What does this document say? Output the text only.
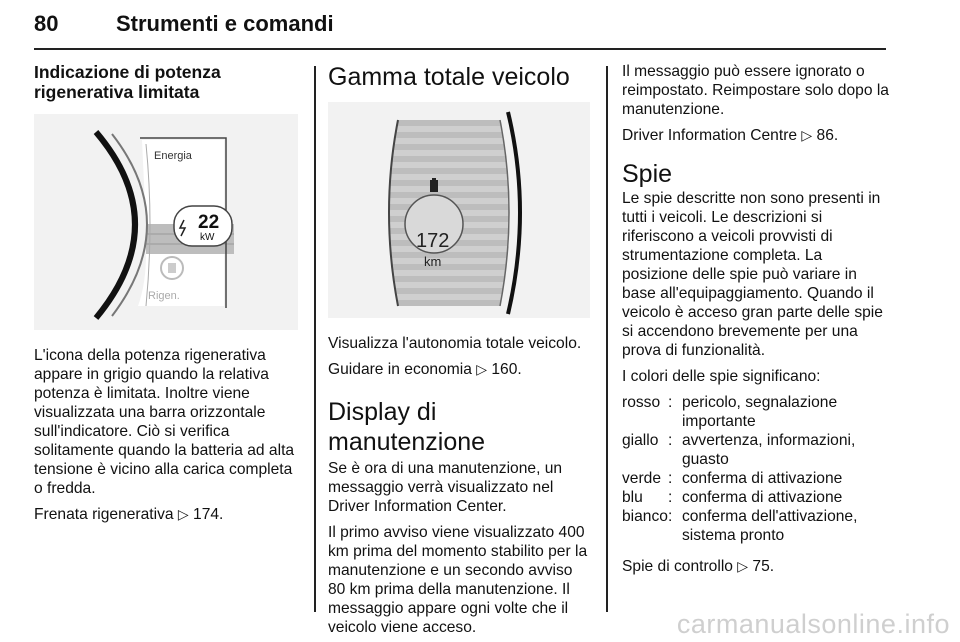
80	Strumenti e comandi
Indicazione di potenza
rigenerativa limitata
Energia
22
kW
Rigen.

L'icona della potenza rigenerativa appare in grigio quando la relativa potenza è limitata. Inoltre viene visualizzata una barra orizzontale sull'indicatore. Ciò si verifica solitamente quando la batteria ad alta tensione è vicino alla carica completa o fredda.

Frenata rigenerativa ▷ 174.

Gamma totale veicolo
172
km

Visualizza l'autonomia totale veicolo.

Guidare in economia ▷ 160.

Display di manutenzione

Se è ora di una manutenzione, un messaggio verrà visualizzato nel Driver Information Center.

Il primo avviso viene visualizzato 400 km prima del momento stabilito per la manutenzione e un secondo avviso 80 km prima della manutenzione. Il messaggio appare ogni volte che il veicolo viene acceso.

Il messaggio può essere ignorato o reimpostato. Reimpostare solo dopo la manutenzione.

Driver Information Centre ▷ 86.

Spie

Le spie descritte non sono presenti in tutti i veicoli. Le descrizioni si riferiscono a veicoli provvisti di strumentazione completa. La posizione delle spie può variare in base all'equipaggiamento. Quando il veicolo è acceso gran parte delle spie si accendono brevemente per una prova di funzionalità.

I colori delle spie significano:

rosso	:	pericolo, segnalazione importante
giallo	:	avvertenza, informazioni, guasto
verde	:	conferma di attivazione
blu	:	conferma di attivazione
bianco	:	conferma dell'attivazione, sistema pronto

Spie di controllo ▷ 75.

carmanualsonline.info
